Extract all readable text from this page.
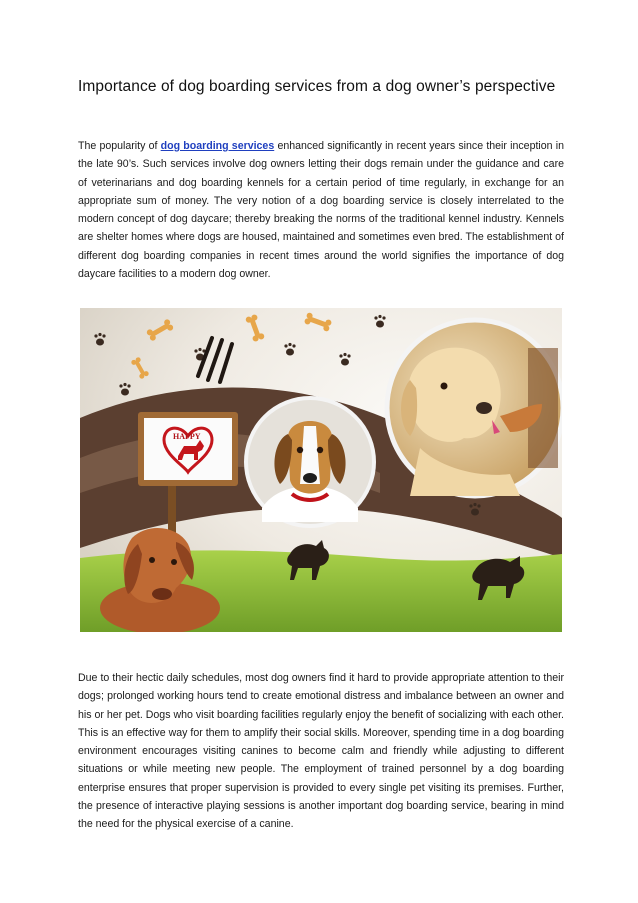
Importance of dog boarding services from a dog owner’s perspective
The popularity of dog boarding services enhanced significantly in recent years since their inception in the late 90’s. Such services involve dog owners letting their dogs remain under the guidance and care of veterinarians and dog boarding kennels for a certain period of time regularly, in exchange for an appropriate sum of money. The very notion of a dog boarding service is closely interrelated to the modern concept of dog daycare; thereby breaking the norms of the traditional kennel industry. Kennels are shelter homes where dogs are housed, maintained and sometimes even bred. The establishment of different dog boarding companies in recent times around the world signifies the importance of dog daycare facilities to a modern dog owner.
HAPPY
Due to their hectic daily schedules, most dog owners find it hard to provide appropriate attention to their dogs; prolonged working hours tend to create emotional distress and imbalance between an owner and his or her pet. Dogs who visit boarding facilities regularly enjoy the benefit of socializing with each other. This is an effective way for them to amplify their social skills. Moreover, spending time in a dog boarding environment encourages visiting canines to become calm and friendly while adjusting to different situations or while meeting new people. The employment of trained personnel by a dog boarding enterprise ensures that proper supervision is provided to every single pet visiting its premises. Further, the presence of interactive playing sessions is another important dog boarding service, bearing in mind the need for the physical exercise of a canine.
